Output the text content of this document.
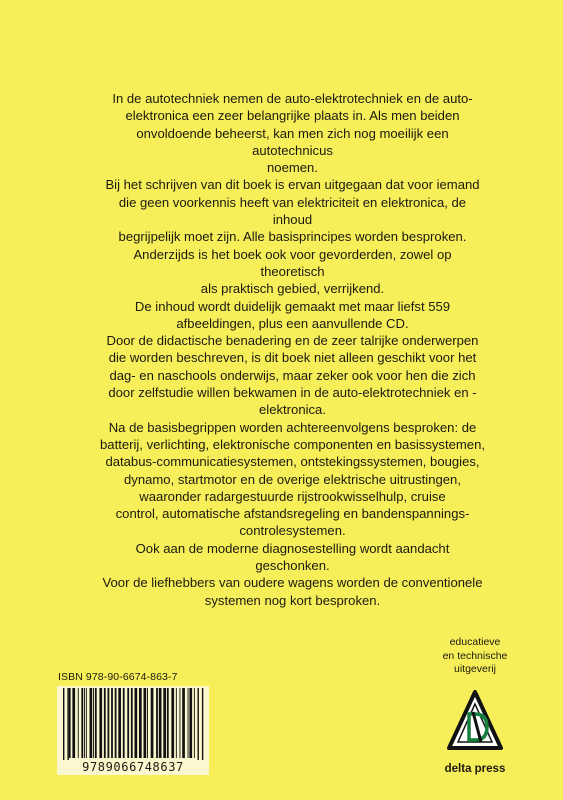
In de autotechniek nemen de auto-elektrotechniek en de auto-

elektronica een zeer belangrijke plaats in. Als men beiden

onvoldoende beheerst, kan men zich nog moeilijk een autotechnicus

noemen.

Bij het schrijven van dit boek is ervan uitgegaan dat voor iemand

die geen voorkennis heeft van elektriciteit en elektronica, de inhoud

begrijpelijk moet zijn. Alle basisprincipes worden besproken.

Anderzijds is het boek ook voor gevorderden, zowel op theoretisch

als praktisch gebied, verrijkend.

De inhoud wordt duidelijk gemaakt met maar liefst 559

afbeeldingen, plus een aanvullende CD.

Door de didactische benadering en de zeer talrijke onderwerpen

die worden beschreven, is dit boek niet alleen geschikt voor het

dag- en naschools onderwijs, maar zeker ook voor hen die zich

door zelfstudie willen bekwamen in de auto-elektrotechniek en -

elektronica.

Na de basisbegrippen worden achtereenvolgens besproken: de

batterij, verlichting, elektronische componenten en basissystemen,

databus-communicatiesystemen, ontstekingssystemen, bougies,

dynamo, startmotor en de overige elektrische uitrustingen,

waaronder radargestuurde rijstrookwisselhulp, cruise

control, automatische afstandsregeling en bandenspannings-

controlesystemen.

Ook aan de moderne diagnosestelling wordt aandacht geschonken.

Voor de liefhebbers van oudere wagens worden de conventionele

systemen nog kort besproken.

ISBN 978-90-6674-863-7
9789066748637

educatieve

en technische

uitgeverij

delta press
